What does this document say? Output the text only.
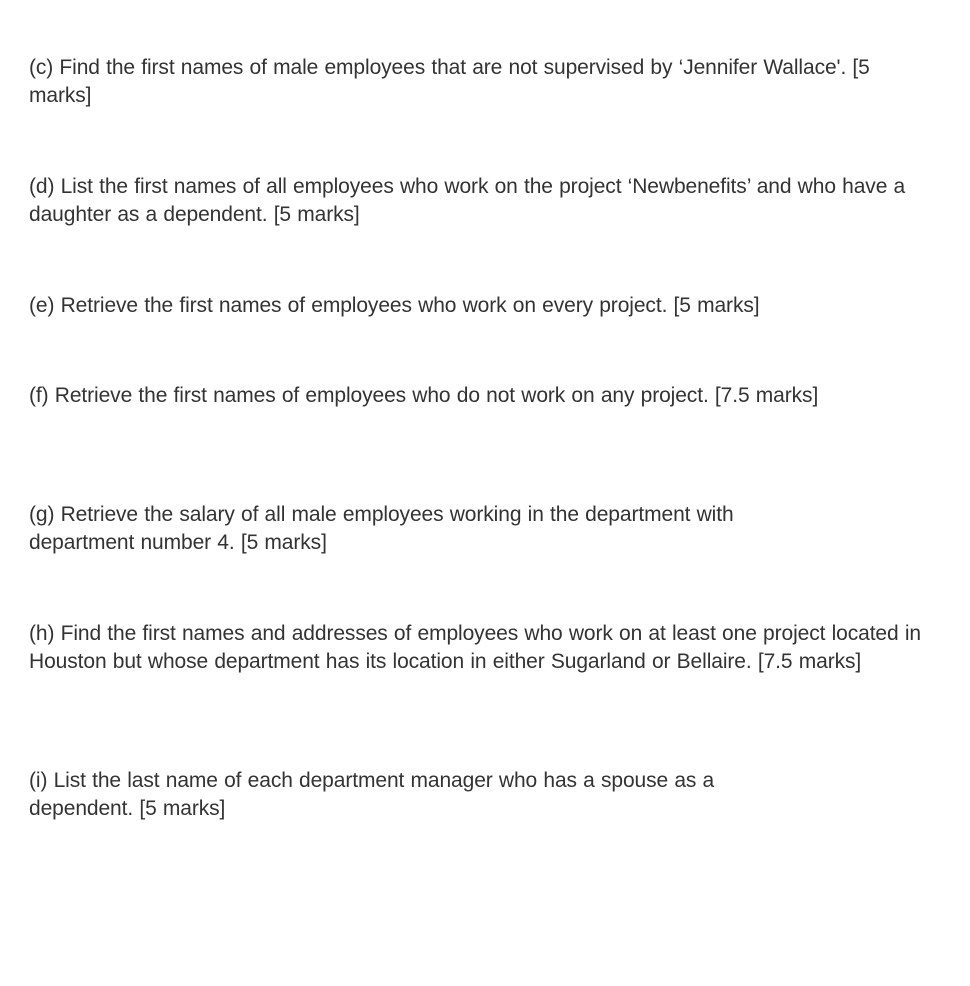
(c) Find the first names of male employees that are not supervised by ‘Jennifer Wallace'. [5 marks]

(d) List the first names of all employees who work on the project ‘Newbenefits’ and who have a daughter as a dependent. [5 marks]

(e) Retrieve the first names of employees who work on every project. [5 marks]

(f) Retrieve the first names of employees who do not work on any project. [7.5 marks]

(g) Retrieve the salary of all male employees working in the department with department number 4. [5 marks]

(h) Find the first names and addresses of employees who work on at least one project located in Houston but whose department has its location in either Sugarland or Bellaire. [7.5 marks]

(i) List the last name of each department manager who has a spouse as a dependent. [5 marks]
